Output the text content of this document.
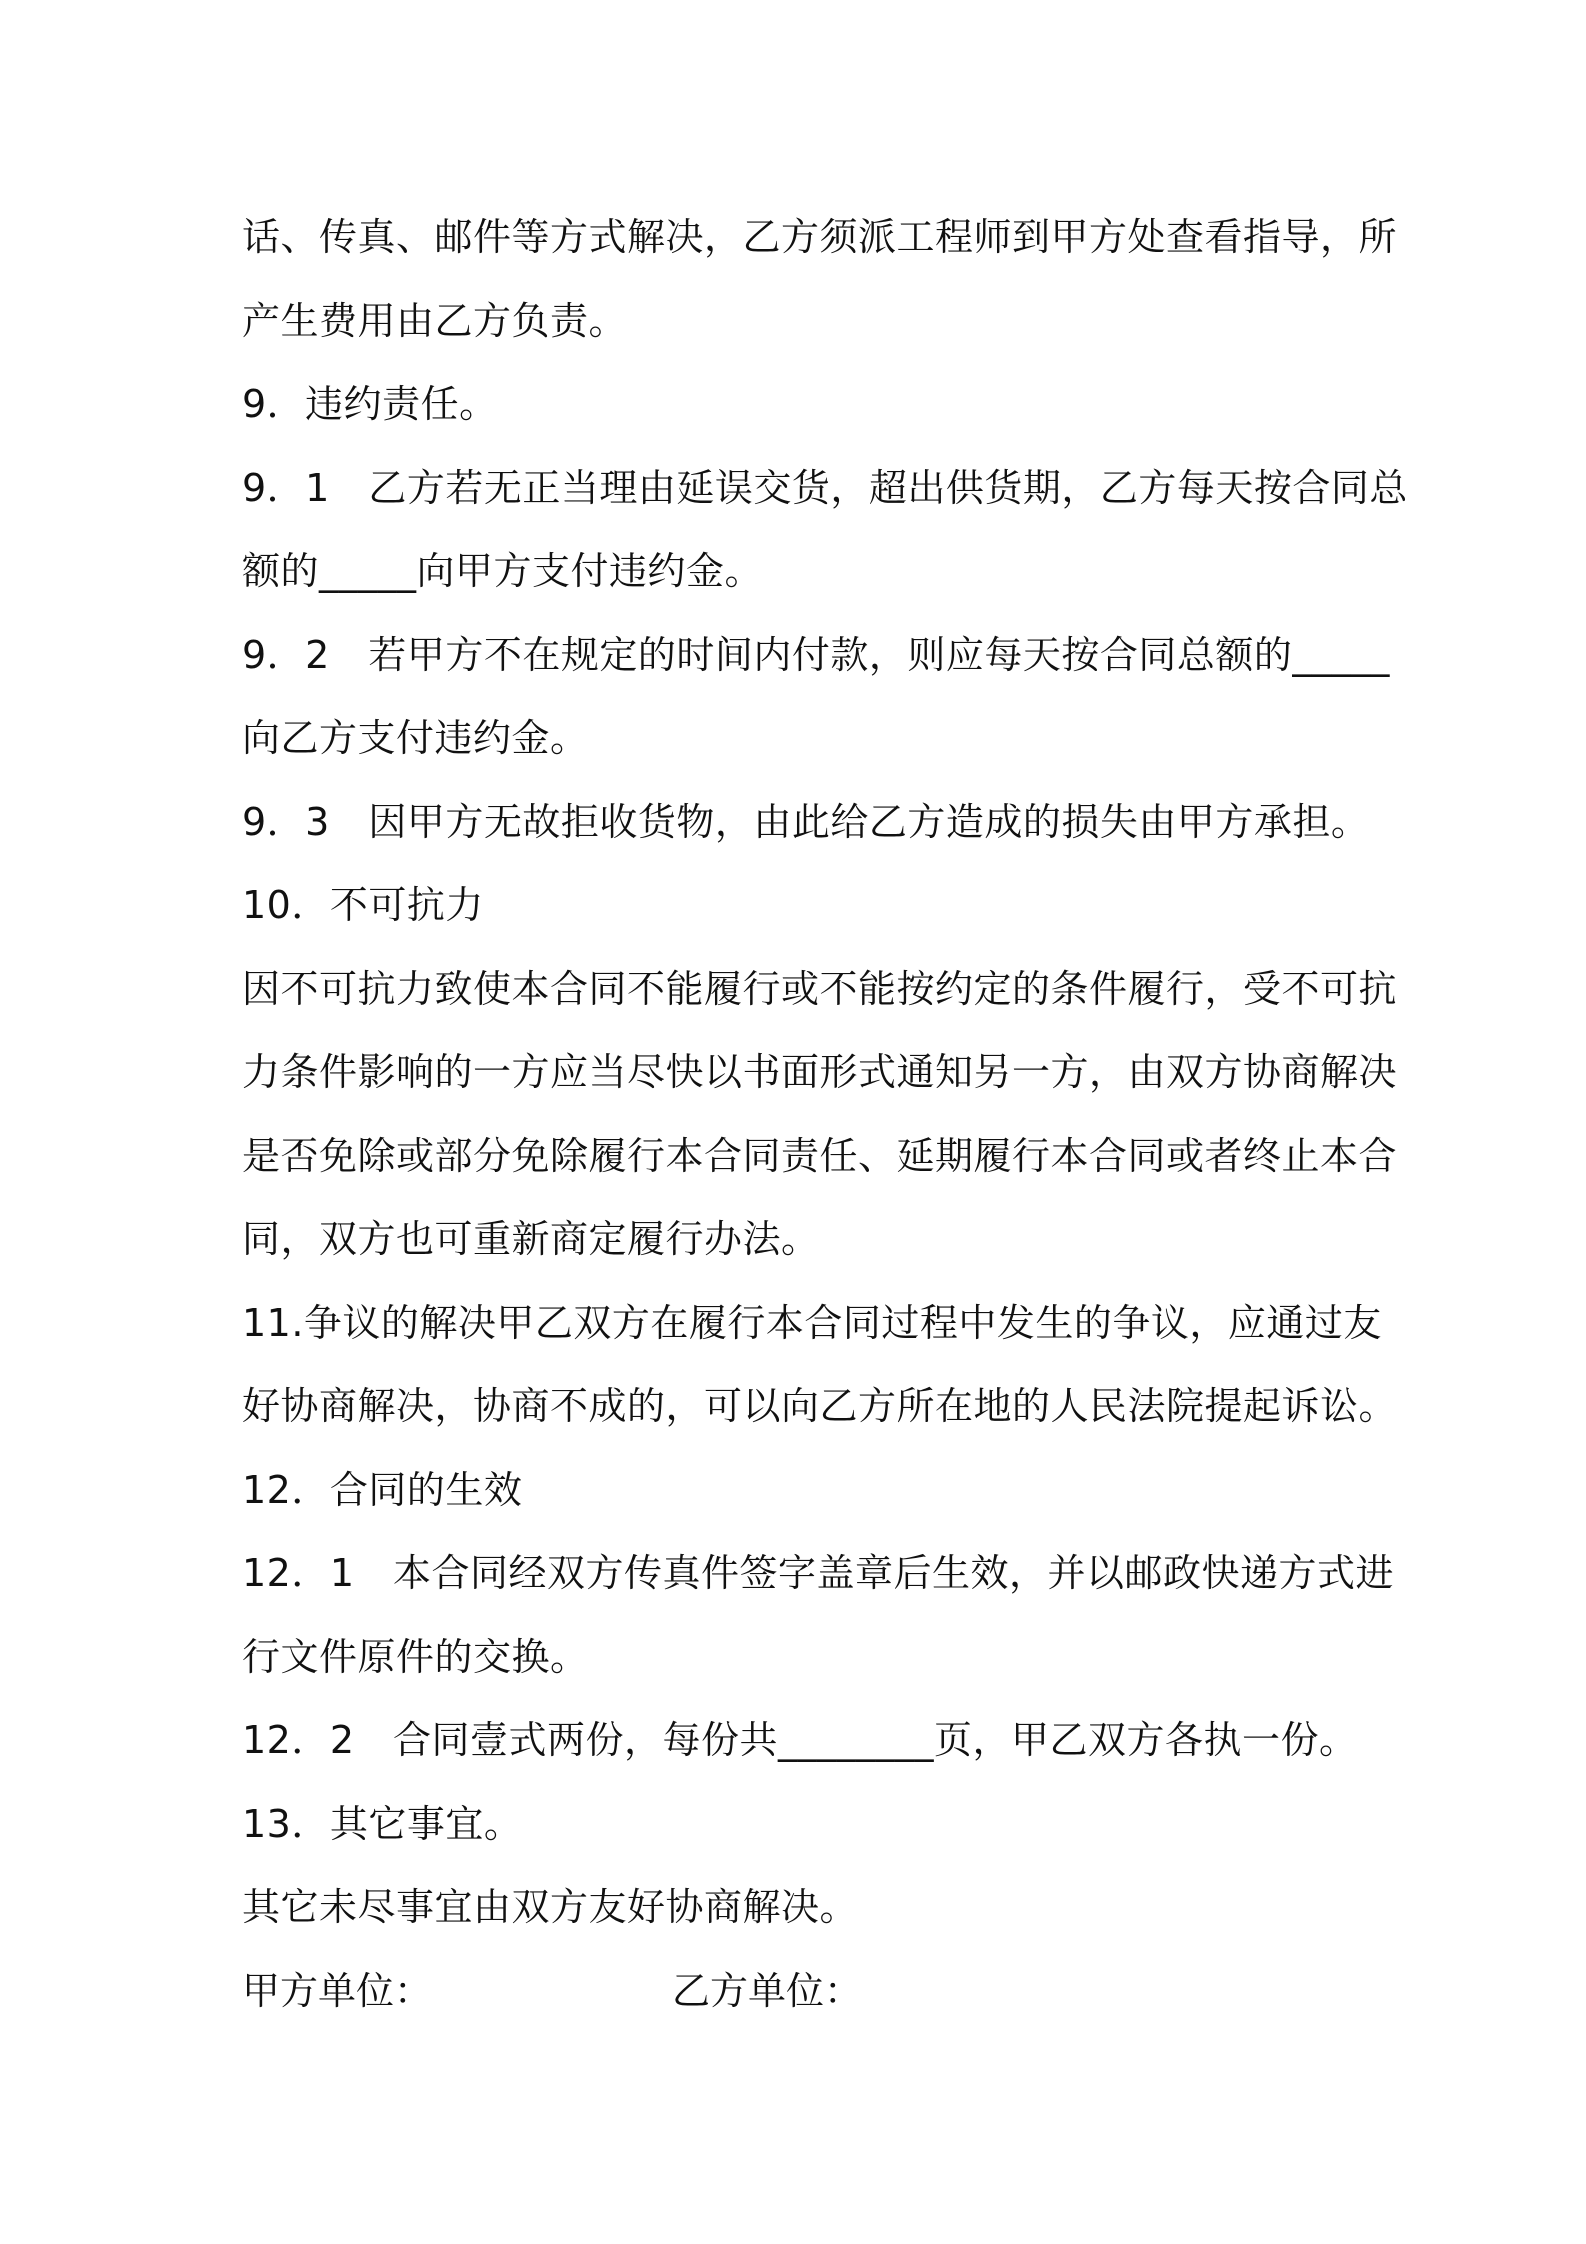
话、传真、邮件等方式解决，乙方须派工程师到甲方处查看指导，所
产生费用由乙方负责。
9．违约责任。
9．1　乙方若无正当理由延误交货，超出供货期，乙方每天按合同总
额的_____向甲方支付违约金。
9．2　若甲方不在规定的时间内付款，则应每天按合同总额的_____
向乙方支付违约金。
9．3　因甲方无故拒收货物，由此给乙方造成的损失由甲方承担。
10．不可抗力
因不可抗力致使本合同不能履行或不能按约定的条件履行，受不可抗
力条件影响的一方应当尽快以书面形式通知另一方，由双方协商解决
是否免除或部分免除履行本合同责任、延期履行本合同或者终止本合
同，双方也可重新商定履行办法。
11.争议的解决甲乙双方在履行本合同过程中发生的争议，应通过友
好协商解决，协商不成的，可以向乙方所在地的人民法院提起诉讼。
12．合同的生效
12．1　本合同经双方传真件签字盖章后生效，并以邮政快递方式进
行文件原件的交换。
12．2　合同壹式两份，每份共________页，甲乙双方各执一份。
13．其它事宜。
其它未尽事宜由双方友好协商解决。
甲方单位：	乙方单位：
